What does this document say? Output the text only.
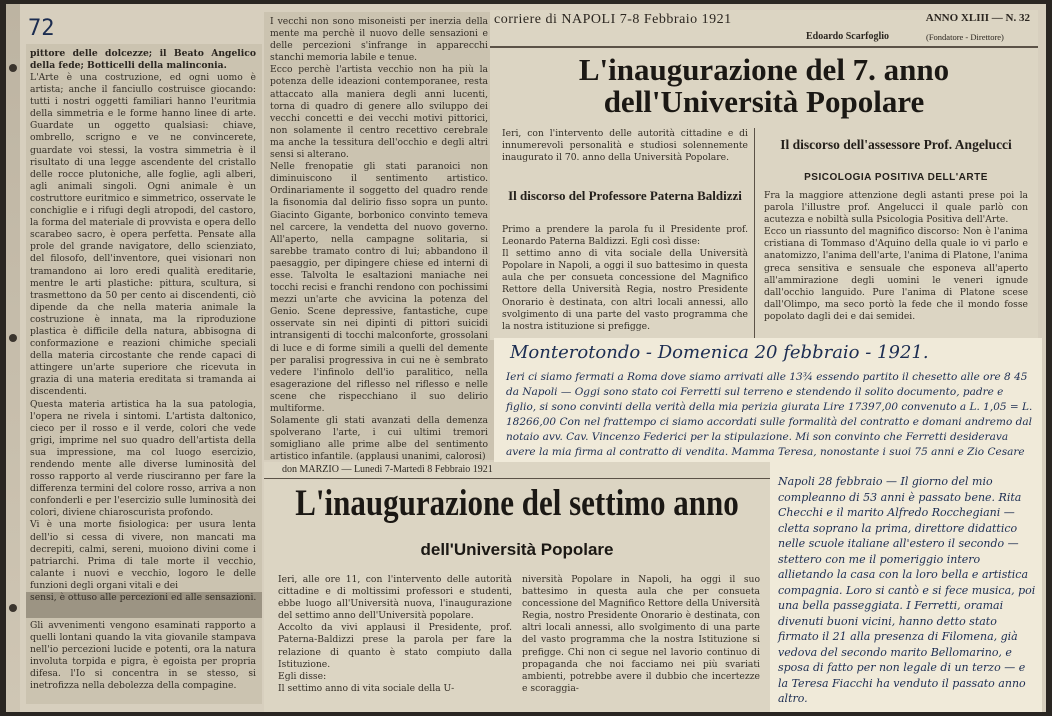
72
pittore delle dolcezze; il Beato Angelico della fede; Botticelli della malinconia.
L'Arte è una costruzione, ed ogni uomo è artista; anche il fanciullo costruisce giocando: tutti i nostri oggetti familiari hanno l'euritmia della simmetria e le forme hanno linee di arte. Guardate un oggetto qualsiasi: chiave, ombrello, scrigno e ve ne convincerete, guardate voi stessi, la vostra simmetria è il risultato di una legge ascendente del cristallo delle rocce plutoniche, alle foglie, agli alberi, agli animali singoli. Ogni animale è un costruttore euritmico e simmetrico, osservate le conchiglie e i rifugi degli atropodi, del castoro, la forma del materiale di provvista e opera dello scarabeo sacro, è opera perfetta. Pensate alla prole del grande navigatore, dello scienziato, del filosofo, dell'inventore, quei visionari non tramandono ai loro eredi qualità ereditarie, mentre le arti plastiche: pittura, scultura, si trasmettono da 50 per cento ai discendenti, ciò dipende da che nella materia animale la costruzione è innata, ma la riproduzione plastica è difficile della natura, abbisogna di conformazione e reazioni chimiche speciali della materia circostante che rende capaci di attingere un'arte superiore che ricevuta in grazia di una materia ereditata si tramanda ai discendenti.
Questa materia artistica ha la sua patologia, l'opera ne rivela i sintomi. L'artista daltonico, cieco per il rosso e il verde, colori che vede grigi, imprime nel suo quadro dell'artista della sua impressione, ma col luogo esercizio, rendendo mente alle diverse luminosità del rosso rapporto al verde riusciranno per fare la differenza termini del colore rosso, arriva a non confonderli e per l'esercizio sulle luminosità dei colori, diviene chiaroscurista profondo.
Vi è una morte fisiologica: per usura lenta dell'io si cessa di vivere, non mancati ma decrepiti, calmi, sereni, muoiono divini come i patriarchi. Prima di tale morte il vecchio, calante i nuovi e vecchio, logoro le delle funzioni degli organi vitali e dei
sensi, è ottuso alle percezioni ed alle sensazioni.
Gli avvenimenti vengono esaminati rapporto a quelli lontani quando la vita giovanile stampava nell'io percezioni lucide e potenti, ora la natura involuta torpida e pigra, è egoista per propria difesa. l'Io si concentra in se stesso, si inetrofizza nella debolezza della compagine.
I vecchi non sono misoneisti per inerzia della mente ma perchè il nuovo delle sensazioni e delle percezioni s'infrange in apparecchi stanchi memoria labile e tenue.
Ecco perchè l'artista vecchio non ha più la potenza delle ideazioni contemporanee, resta attaccato alla maniera degli anni lucenti, torna di quadro di genere allo sviluppo dei vecchi concetti e dei vecchi motivi pittorici, non solamente il centro recettivo cerebrale ma anche la tessitura dell'occhio e degli altri sensi si alterano.
Nelle frenopatie gli stati paranoici non diminuiscono il sentimento artistico. Ordinariamente il soggetto del quadro rende la fisonomia dal delirio fisso sopra un punto. Giacinto Gigante, borbonico convinto temeva nel carcere, la vendetta del nuovo governo. All'aperto, nella campagne solitaria, si sarebbe tramato contro di lui; abbandono il paesaggio, per dipingere chiese ed interni di esse. Talvolta le esaltazioni maniache nei tocchi recisi e franchi rendono con pochissimi mezzi un'arte che avvicina la potenza del Genio. Scene depressive, fantastiche, cupe osservate sin nei dipinti di pittori suicidi intransigenti di tocchi malconforte, grossolani di luce e di forme simili a quelli del demente per paralisi progressiva in cui ne è sembrato vedere l'infinolo dell'io paralitico, nella esagerazione del riflesso nel riflesso e nelle scene che rispecchiano il suo delirio multiforme.
Solamente gli stati avanzati della demenza spolverano l'arte, i cui ultimi tremori somigliano alle prime albe del sentimento artistico infantile. (applausi unanimi, calorosi)
corriere di NAPOLI 7-8 Febbraio 1921	ANNO XLIII — N. 32
Edoardo Scarfoglio	(Fondatore - Direttore)
L'inaugurazione del 7. anno dell'Università Popolare
Ieri, con l'intervento delle autorità cittadine e di innumerevoli personalità e studiosi solennemente inaugurato il 70. anno della Università Popolare.
Il discorso del Professore Paterna Baldizzi
Primo a prendere la parola fu il Presidente prof. Leonardo Paterna Baldizzi. Egli così disse:
Il settimo anno di vita sociale della Università Popolare in Napoli, a oggi il suo battesimo in questa aula che per consueta concessione del Magnifico Rettore della Università Regia, nostro Presidente Onorario è destinata, con altri locali annessi, allo svolgimento di una parte del vasto programma che la nostra istituzione si prefigge.
Il discorso dell'assessore Prof. Angelucci
PSICOLOGIA POSITIVA DELL'ARTE
Fra la maggiore attenzione degli astanti prese poi la parola l'illustre prof. Angelucci il quale parlò con acutezza e nobiltà sulla Psicologia Positiva dell'Arte.
Ecco un riassunto del magnifico discorso: Non è l'anima cristiana di Tommaso d'Aquino della quale io vi parlo e anatomizzo, l'anima dell'arte, l'anima di Platone, l'anima greca sensitiva e sensuale che esponeva all'aperto all'ammirazione degli uomini le veneri ignude dall'occhio languido. Pure l'anima di Platone scese dall'Olimpo, ma seco portò la fede che il mondo fosse popolato dagli dei e dai semidei.
Monterotondo - Domenica 20 febbraio - 1921.
Ieri ci siamo fermati a Roma dove siamo arrivati alle 13¾ essendo partito il chesetto alle ore 8 45 da Napoli — Oggi sono stato coi Ferretti sul terreno e stendendo il solito documento, padre e figlio, si sono convinti della verità della mia perizia giurata Lire 17397,00 convenuto a L. 1,05 = L. 18266,00 Con nel frattempo ci siamo accordati sulle formalità del contratto e domani andremo dal notaio avv. Cav. Vincenzo Federici per la stipulazione. Mi son convinto che Ferretti desiderava avere la mia firma al contratto di vendita. Mamma Teresa, nonostante i suoi 75 anni e Zio Cesare
don MARZIO — Lunedì 7-Martedì 8 Febbraio 1921
L'inaugurazione del settimo anno
dell'Università Popolare
Ieri, alle ore 11, con l'intervento delle autorità cittadine e di moltissimi professori e studenti, ebbe luogo all'Università nuova, l'inaugurazione del settimo anno dell'Università popolare.
Accolto da vivi applausi il Presidente, prof. Paterna-Baldizzi prese la parola per fare la relazione di quanto è stato compiuto dalla Istituzione.
Egli disse:
Il settimo anno di vita sociale della U-
niversità Popolare in Napoli, ha oggi il suo battesimo in questa aula che per consueta concessione del Magnifico Rettore della Università Regia, nostro Presidente Onorario è destinata, con altri locali annessi, allo svolgimento di una parte del vasto programma che la nostra Istituzione si prefigge. Chi non ci segue nel lavorio continuo di propaganda che noi facciamo nei più svariati ambienti, potrebbe avere il dubbio che incertezze e scoraggia-
Napoli 28 febbraio — Il giorno del mio compleanno di 53 anni è passato bene. Rita Checchi e il marito Alfredo Rocchegiani — cletta soprano la prima, direttore didattico nelle scuole italiane all'estero il secondo — stettero con me il pomeriggio intero allietando la casa con la loro bella e artistica compagnia. Loro si cantò e si fece musica, poi una bella passeggiata. I Ferretti, oramai divenuti buoni vicini, hanno detto stato firmato il 21 alla presenza di Filomena, già vedova del secondo marito Bellomarino, e sposa di fatto per non legale di un terzo — e la Teresa Fiacchi ha venduto il passato anno altro.
